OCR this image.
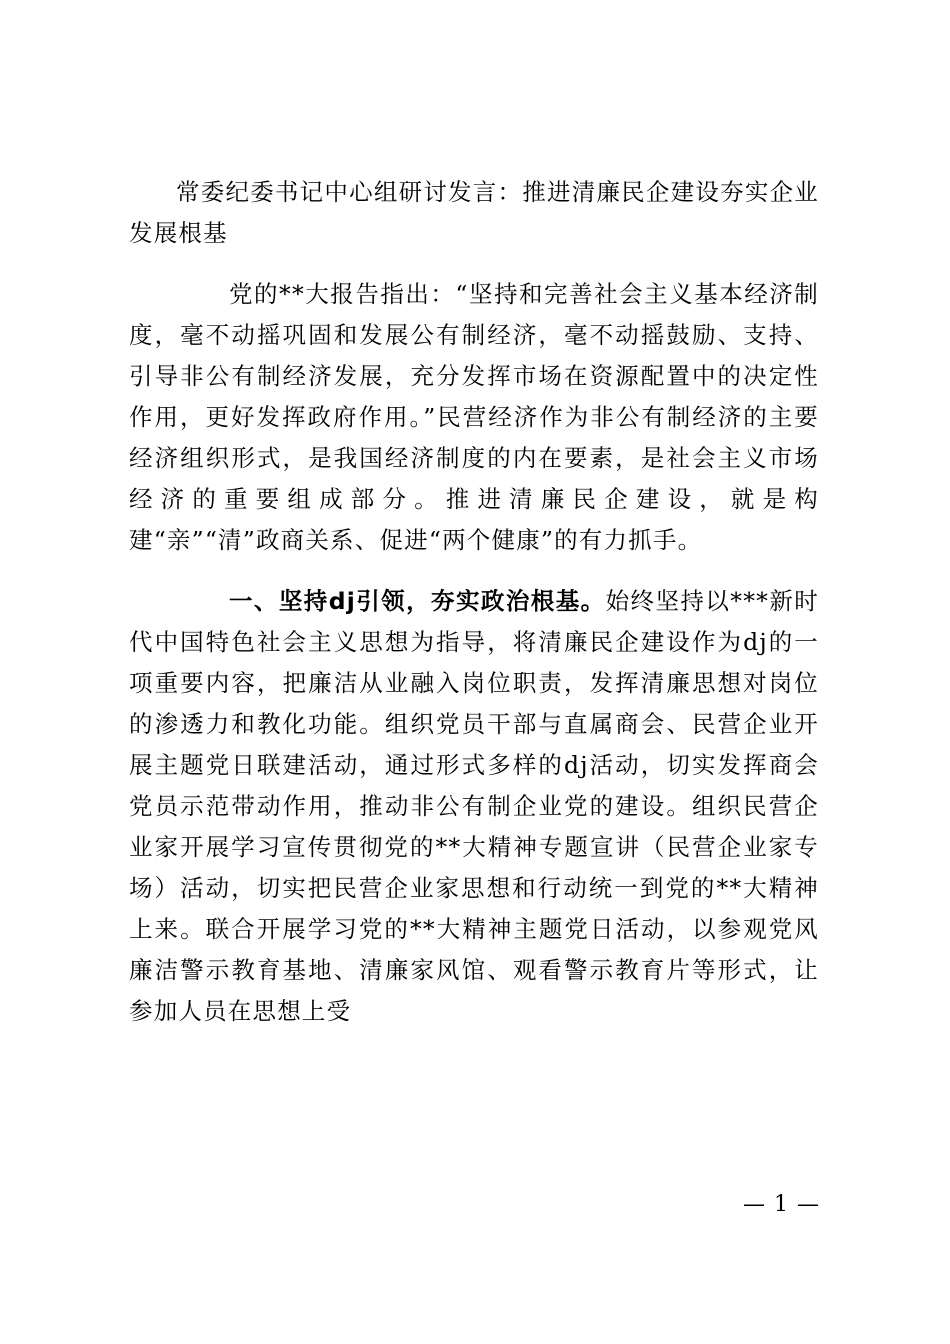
常委纪委书记中心组研讨发言：推进清廉民企建设夯实企业发展根基

党的**大报告指出：“坚持和完善社会主义基本经济制度，毫不动摇巩固和发展公有制经济，毫不动摇鼓励、支持、引导非公有制经济发展，充分发挥市场在资源配置中的决定性作用，更好发挥政府作用。”民营经济作为非公有制经济的主要经济组织形式，是我国经济制度的内在要素，是社会主义市场经济的重要组成部分。推进清廉民企建设，就是构建“亲”“清”政商关系、促进“两个健康”的有力抓手。

一、坚持dj引领，夯实政治根基。始终坚持以***新时代中国特色社会主义思想为指导，将清廉民企建设作为dj的一项重要内容，把廉洁从业融入岗位职责，发挥清廉思想对岗位的渗透力和教化功能。组织党员干部与直属商会、民营企业开展主题党日联建活动，通过形式多样的dj活动，切实发挥商会党员示范带动作用，推动非公有制企业党的建设。组织民营企业家开展学习宣传贯彻党的**大精神专题宣讲（民营企业家专场）活动，切实把民营企业家思想和行动统一到党的**大精神上来。联合开展学习党的**大精神主题党日活动，以参观党风廉洁警示教育基地、清廉家风馆、观看警示教育片等形式，让参加人员在思想上受

— 1 —
